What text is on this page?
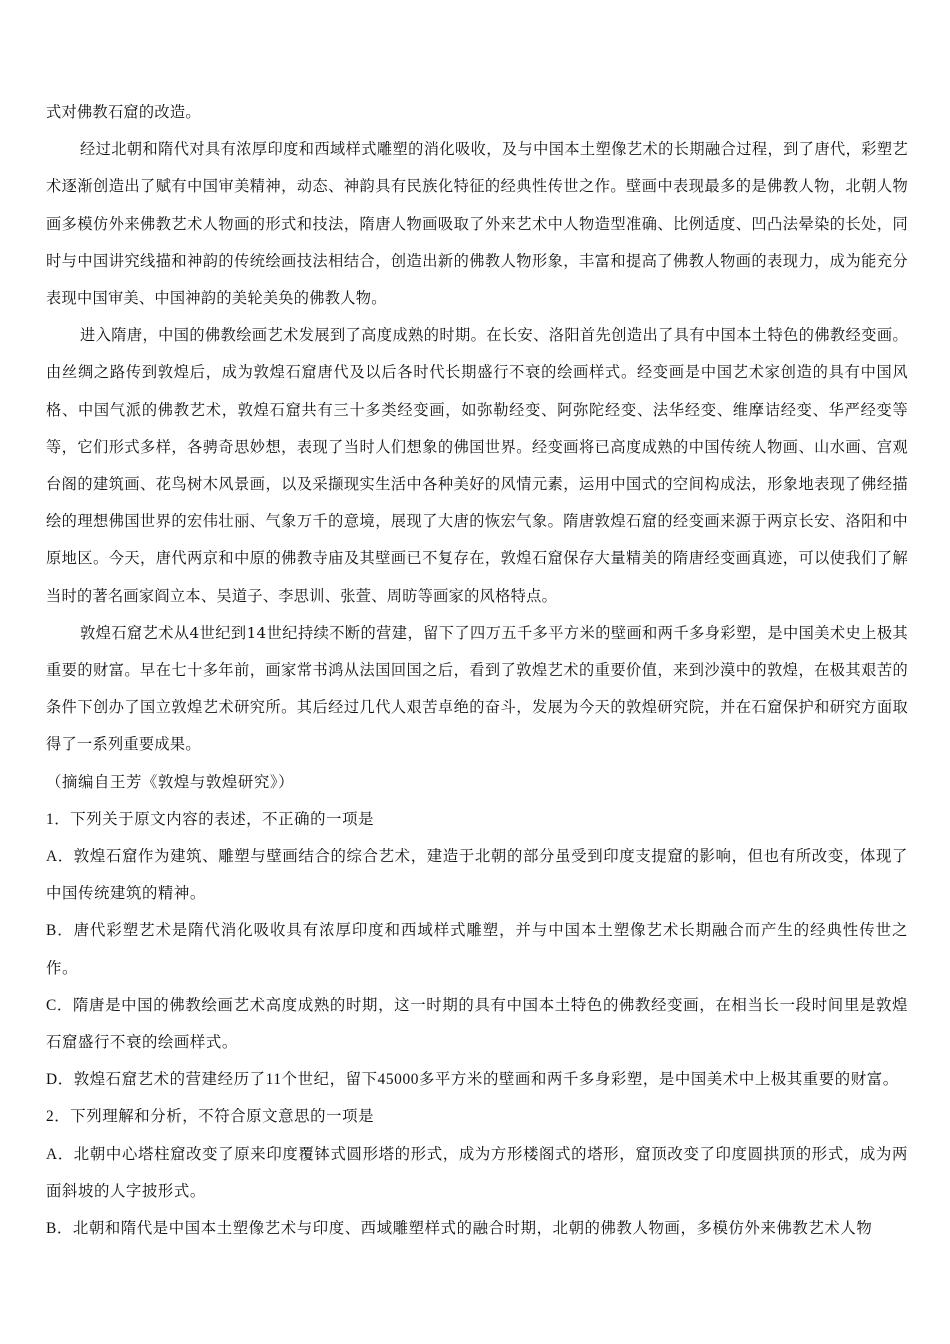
式对佛教石窟的改造。

经过北朝和隋代对具有浓厚印度和西域样式雕塑的消化吸收，及与中国本土塑像艺术的长期融合过程，到了唐代，彩塑艺术逐渐创造出了赋有中国审美精神，动态、神韵具有民族化特征的经典性传世之作。壁画中表现最多的是佛教人物，北朝人物画多模仿外来佛教艺术人物画的形式和技法，隋唐人物画吸取了外来艺术中人物造型准确、比例适度、凹凸法晕染的长处，同时与中国讲究线描和神韵的传统绘画技法相结合，创造出新的佛教人物形象，丰富和提高了佛教人物画的表现力，成为能充分表现中国审美、中国神韵的美轮美奂的佛教人物。

进入隋唐，中国的佛教绘画艺术发展到了高度成熟的时期。在长安、洛阳首先创造出了具有中国本土特色的佛教经变画。由丝绸之路传到敦煌后，成为敦煌石窟唐代及以后各时代长期盛行不衰的绘画样式。经变画是中国艺术家创造的具有中国风格、中国气派的佛教艺术，敦煌石窟共有三十多类经变画，如弥勒经变、阿弥陀经变、法华经变、维摩诘经变、华严经变等等，它们形式多样，各骋奇思妙想，表现了当时人们想象的佛国世界。经变画将已高度成熟的中国传统人物画、山水画、宫观台阁的建筑画、花鸟树木风景画，以及采撷现实生活中各种美好的风情元素，运用中国式的空间构成法，形象地表现了佛经描绘的理想佛国世界的宏伟壮丽、气象万千的意境，展现了大唐的恢宏气象。隋唐敦煌石窟的经变画来源于两京长安、洛阳和中原地区。今天，唐代两京和中原的佛教寺庙及其壁画已不复存在，敦煌石窟保存大量精美的隋唐经变画真迹，可以使我们了解当时的著名画家阎立本、吴道子、李思训、张萱、周昉等画家的风格特点。

敦煌石窟艺术从4世纪到14世纪持续不断的营建，留下了四万五千多平方米的壁画和两千多身彩塑，是中国美术史上极其重要的财富。早在七十多年前，画家常书鸿从法国回国之后，看到了敦煌艺术的重要价值，来到沙漠中的敦煌，在极其艰苦的条件下创办了国立敦煌艺术研究所。其后经过几代人艰苦卓绝的奋斗，发展为今天的敦煌研究院，并在石窟保护和研究方面取得了一系列重要成果。

（摘编自王芳《敦煌与敦煌研究》）

1．下列关于原文内容的表述，不正确的一项是

A．敦煌石窟作为建筑、雕塑与壁画结合的综合艺术，建造于北朝的部分虽受到印度支提窟的影响，但也有所改变，体现了中国传统建筑的精神。

B．唐代彩塑艺术是隋代消化吸收具有浓厚印度和西域样式雕塑，并与中国本土塑像艺术长期融合而产生的经典性传世之作。

C．隋唐是中国的佛教绘画艺术高度成熟的时期，这一时期的具有中国本土特色的佛教经变画，在相当长一段时间里是敦煌石窟盛行不衰的绘画样式。

D．敦煌石窟艺术的营建经历了11个世纪，留下45000多平方米的壁画和两千多身彩塑，是中国美术中上极其重要的财富。

2．下列理解和分析，不符合原文意思的一项是

A．北朝中心塔柱窟改变了原来印度覆钵式圆形塔的形式，成为方形楼阁式的塔形，窟顶改变了印度圆拱顶的形式，成为两面斜坡的人字披形式。

B．北朝和隋代是中国本土塑像艺术与印度、西域雕塑样式的融合时期，北朝的佛教人物画，多模仿外来佛教艺术人物
